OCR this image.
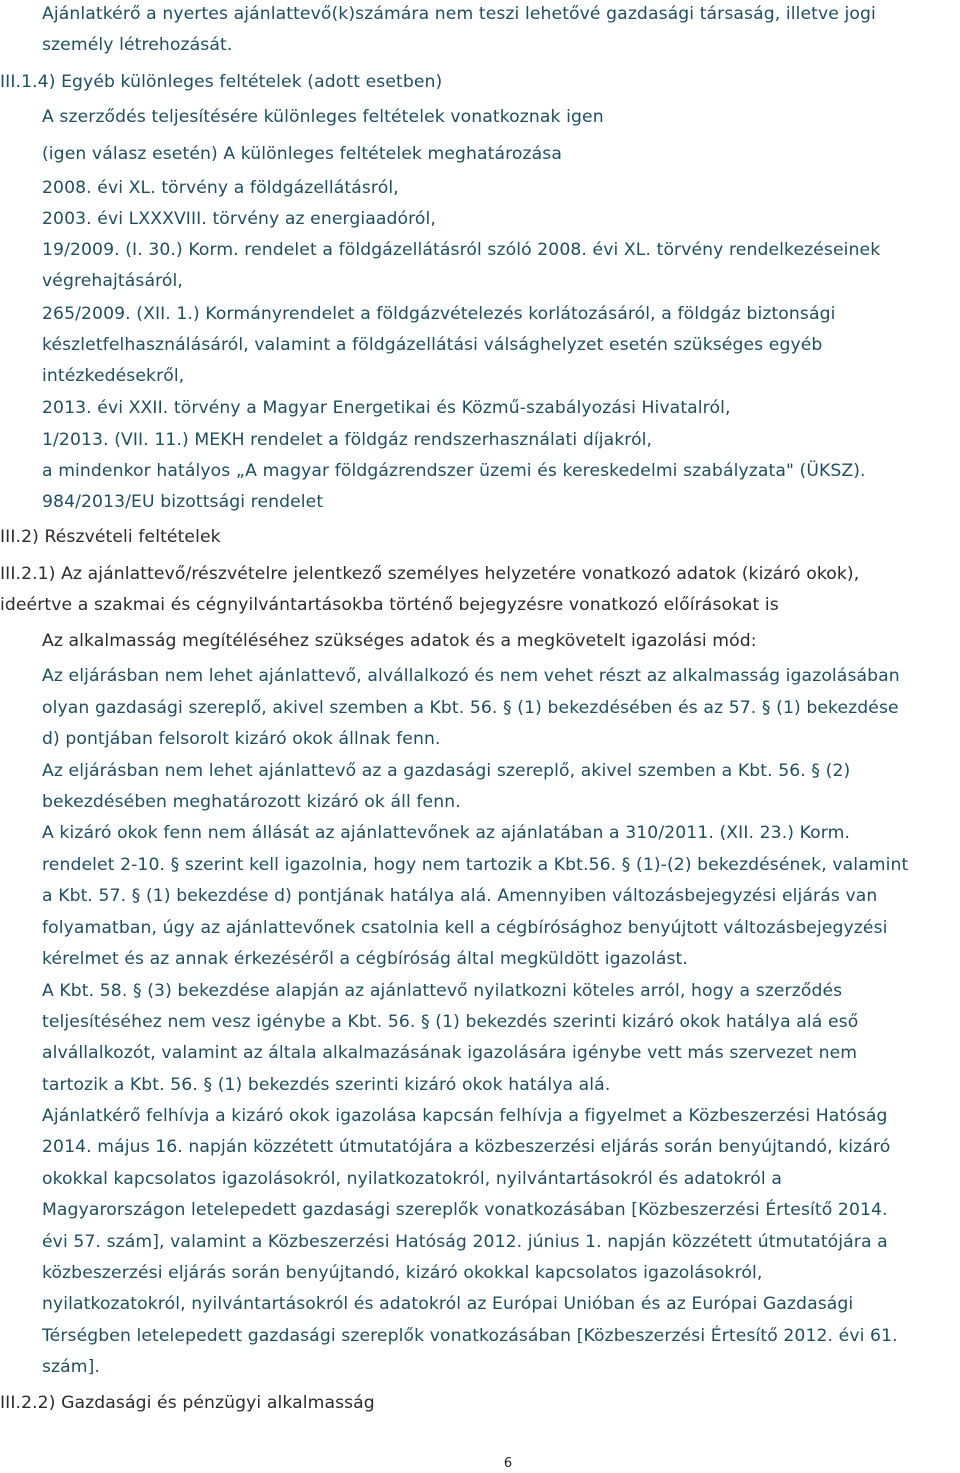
Ajánlatkérő a nyertes ajánlattevő(k)számára nem teszi lehetővé gazdasági társaság, illetve jogi
személy létrehozását.
III.1.4) Egyéb különleges feltételek (adott esetben)
A szerződés teljesítésére különleges feltételek vonatkoznak igen
(igen válasz esetén) A különleges feltételek meghatározása
2008. évi XL. törvény a földgázellátásról,
2003. évi LXXXVIII. törvény az energiaadóról,
19/2009. (I. 30.) Korm. rendelet a földgázellátásról szóló 2008. évi XL. törvény rendelkezéseinek
végrehajtásáról,
265/2009. (XII. 1.) Kormányrendelet a földgázvételezés korlátozásáról, a földgáz biztonsági
készletfelhasználásáról, valamint a földgázellátási válsághelyzet esetén szükséges egyéb
intézkedésekről,
2013. évi XXII. törvény a Magyar Energetikai és Közmű-szabályozási Hivatalról,
1/2013. (VII. 11.) MEKH rendelet a földgáz rendszerhasználati díjakról,
a mindenkor hatályos „A magyar földgázrendszer üzemi és kereskedelmi szabályzata" (ÜKSZ).
984/2013/EU bizottsági rendelet
III.2) Részvételi feltételek
III.2.1) Az ajánlattevő/részvételre jelentkező személyes helyzetére vonatkozó adatok (kizáró okok),
ideértve a szakmai és cégnyilvántartásokba történő bejegyzésre vonatkozó előírásokat is
Az alkalmasság megítéléséhez szükséges adatok és a megkövetelt igazolási mód:
Az eljárásban nem lehet ajánlattevő, alvállalkozó és nem vehet részt az alkalmasság igazolásában
olyan gazdasági szereplő, akivel szemben a Kbt. 56. § (1) bekezdésében és az 57. § (1) bekezdése
d) pontjában felsorolt kizáró okok állnak fenn.
Az eljárásban nem lehet ajánlattevő az a gazdasági szereplő, akivel szemben a Kbt. 56. § (2)
bekezdésében meghatározott kizáró ok áll fenn.
A kizáró okok fenn nem állását az ajánlattevőnek az ajánlatában a 310/2011. (XII. 23.) Korm.
rendelet 2-10. § szerint kell igazolnia, hogy nem tartozik a Kbt.56. § (1)-(2) bekezdésének, valamint
a Kbt. 57. § (1) bekezdése d) pontjának hatálya alá. Amennyiben változásbejegyzési eljárás van
folyamatban, úgy az ajánlattevőnek csatolnia kell a cégbírósághoz benyújtott változásbejegyzési
kérelmet és az annak érkezéséről a cégbíróság által megküldött igazolást.
A Kbt. 58. § (3) bekezdése alapján az ajánlattevő nyilatkozni köteles arról, hogy a szerződés
teljesítéséhez nem vesz igénybe a Kbt. 56. § (1) bekezdés szerinti kizáró okok hatálya alá eső
alvállalkozót, valamint az általa alkalmazásának igazolására igénybe vett más szervezet nem
tartozik a Kbt. 56. § (1) bekezdés szerinti kizáró okok hatálya alá.
Ajánlatkérő felhívja a kizáró okok igazolása kapcsán felhívja a figyelmet a Közbeszerzési Hatóság
2014. május 16. napján közzétett útmutatójára a közbeszerzési eljárás során benyújtandó, kizáró
okokkal kapcsolatos igazolásokról, nyilatkozatokról, nyilvántartásokról és adatokról a
Magyarországon letelepedett gazdasági szereplők vonatkozásában [Közbeszerzési Értesítő 2014.
évi 57. szám], valamint a Közbeszerzési Hatóság 2012. június 1. napján közzétett útmutatójára a
közbeszerzési eljárás során benyújtandó, kizáró okokkal kapcsolatos igazolásokról,
nyilatkozatokról, nyilvántartásokról és adatokról az Európai Unióban és az Európai Gazdasági
Térségben letelepedett gazdasági szereplők vonatkozásában [Közbeszerzési Értesítő 2012. évi 61.
szám].
III.2.2) Gazdasági és pénzügyi alkalmasság
6
